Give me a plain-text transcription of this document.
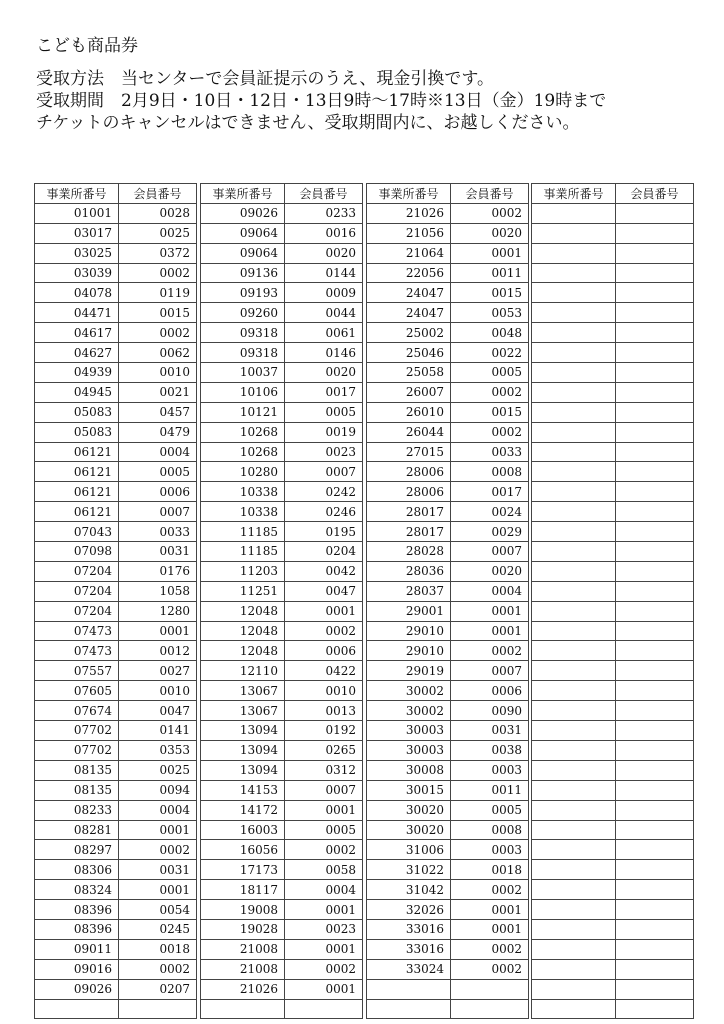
こども商品券
受取方法　当センターで会員証提示のうえ、現金引換です。
受取期間　2月9日・10日・12日・13日9時～17時※13日（金）19時まで
チケットのキャンセルはできません、受取期間内に、お越しください。
事業所番号	会員番号
01001	0028
03017	0025
03025	0372
03039	0002
04078	0119
04471	0015
04617	0002
04627	0062
04939	0010
04945	0021
05083	0457
05083	0479
06121	0004
06121	0005
06121	0006
06121	0007
07043	0033
07098	0031
07204	0176
07204	1058
07204	1280
07473	0001
07473	0012
07557	0027
07605	0010
07674	0047
07702	0141
07702	0353
08135	0025
08135	0094
08233	0004
08281	0001
08297	0002
08306	0031
08324	0001
08396	0054
08396	0245
09011	0018
09016	0002
09026	0207

事業所番号	会員番号
09026	0233
09064	0016
09064	0020
09136	0144
09193	0009
09260	0044
09318	0061
09318	0146
10037	0020
10106	0017
10121	0005
10268	0019
10268	0023
10280	0007
10338	0242
10338	0246
11185	0195
11185	0204
11203	0042
11251	0047
12048	0001
12048	0002
12048	0006
12110	0422
13067	0010
13067	0013
13094	0192
13094	0265
13094	0312
14153	0007
14172	0001
16003	0005
16056	0002
17173	0058
18117	0004
19008	0001
19028	0023
21008	0001
21008	0002
21026	0001

事業所番号	会員番号
21026	0002
21056	0020
21064	0001
22056	0011
24047	0015
24047	0053
25002	0048
25046	0022
25058	0005
26007	0002
26010	0015
26044	0002
27015	0033
28006	0008
28006	0017
28017	0024
28017	0029
28028	0007
28036	0020
28037	0004
29001	0001
29010	0001
29010	0002
29019	0007
30002	0006
30002	0090
30003	0031
30003	0038
30008	0003
30015	0011
30020	0005
30020	0008
31006	0003
31022	0018
31042	0002
32026	0001
33016	0001
33016	0002
33024	0002

事業所番号	会員番号
